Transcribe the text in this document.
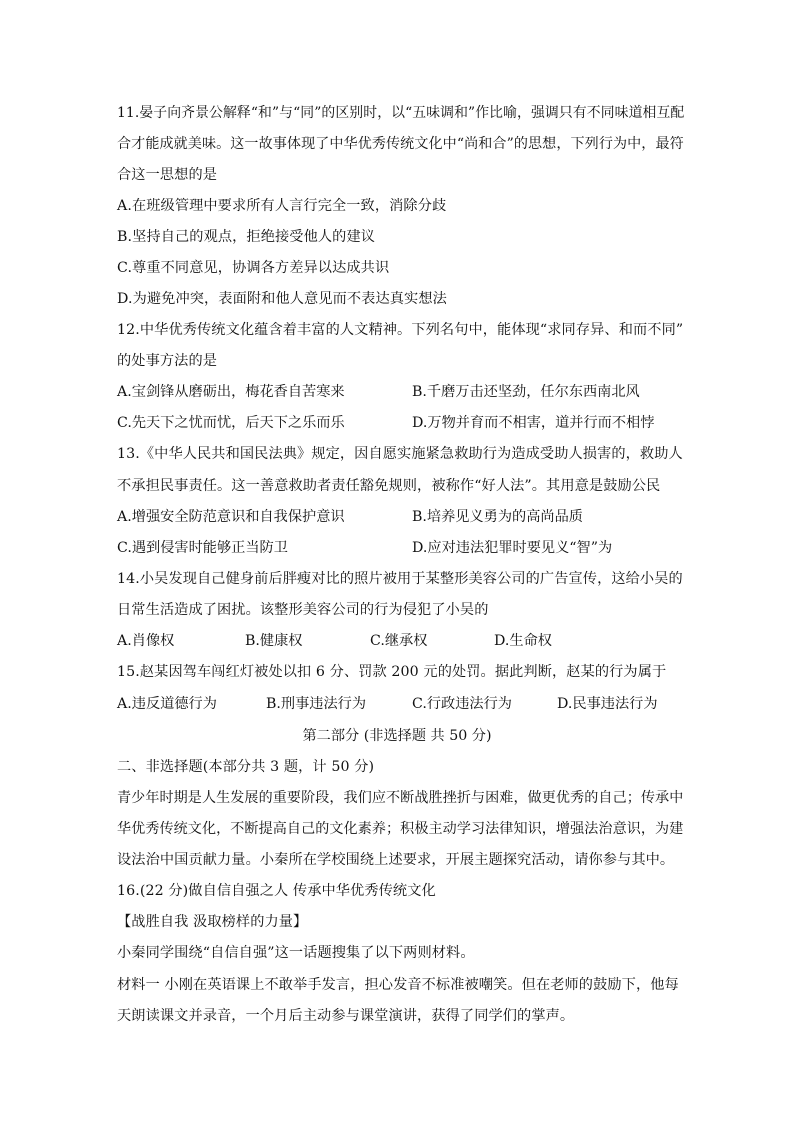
11.晏子向齐景公解释“和”与“同”的区别时，以“五味调和”作比喻，强调只有不同味道相互配
合才能成就美味。这一故事体现了中华优秀传统文化中“尚和合”的思想，下列行为中，最符
合这一思想的是
A.在班级管理中要求所有人言行完全一致，消除分歧
B.坚持自己的观点，拒绝接受他人的建议
C.尊重不同意见，协调各方差异以达成共识
D.为避免冲突，表面附和他人意见而不表达真实想法
12.中华优秀传统文化蕴含着丰富的人文精神。下列名句中，能体现“求同存异、和而不同”
的处事方法的是
A.宝剑锋从磨砺出，梅花香自苦寒来	B.千磨万击还坚劲，任尔东西南北风
C.先天下之忧而忧，后天下之乐而乐	D.万物并育而不相害，道并行而不相悖
13.《中华人民共和国民法典》规定，因自愿实施紧急救助行为造成受助人损害的，救助人
不承担民事责任。这一善意救助者责任豁免规则，被称作“好人法”。其用意是鼓励公民
A.增强安全防范意识和自我保护意识	B.培养见义勇为的高尚品质
C.遇到侵害时能够正当防卫	D.应对违法犯罪时要见义“智”为
14.小吴发现自己健身前后胖瘦对比的照片被用于某整形美容公司的广告宣传，这给小吴的
日常生活造成了困扰。该整形美容公司的行为侵犯了小吴的
A.肖像权	B.健康权	C.继承权	D.生命权
15.赵某因驾车闯红灯被处以扣 6 分、罚款 200 元的处罚。据此判断，赵某的行为属于
A.违反道德行为	B.刑事违法行为	C.行政违法行为	D.民事违法行为
第二部分 (非选择题 共 50 分)
二、非选择题(本部分共 3 题，计 50 分)
青少年时期是人生发展的重要阶段，我们应不断战胜挫折与困难，做更优秀的自己；传承中
华优秀传统文化，不断提高自己的文化素养；积极主动学习法律知识，增强法治意识，为建
设法治中国贡献力量。小秦所在学校围绕上述要求，开展主题探究活动，请你参与其中。
16.(22 分)做自信自强之人 传承中华优秀传统文化
【战胜自我 汲取榜样的力量】
小秦同学围绕“自信自强”这一话题搜集了以下两则材料。
材料一 小刚在英语课上不敢举手发言，担心发音不标准被嘲笑。但在老师的鼓励下，他每
天朗读课文并录音，一个月后主动参与课堂演讲，获得了同学们的掌声。
